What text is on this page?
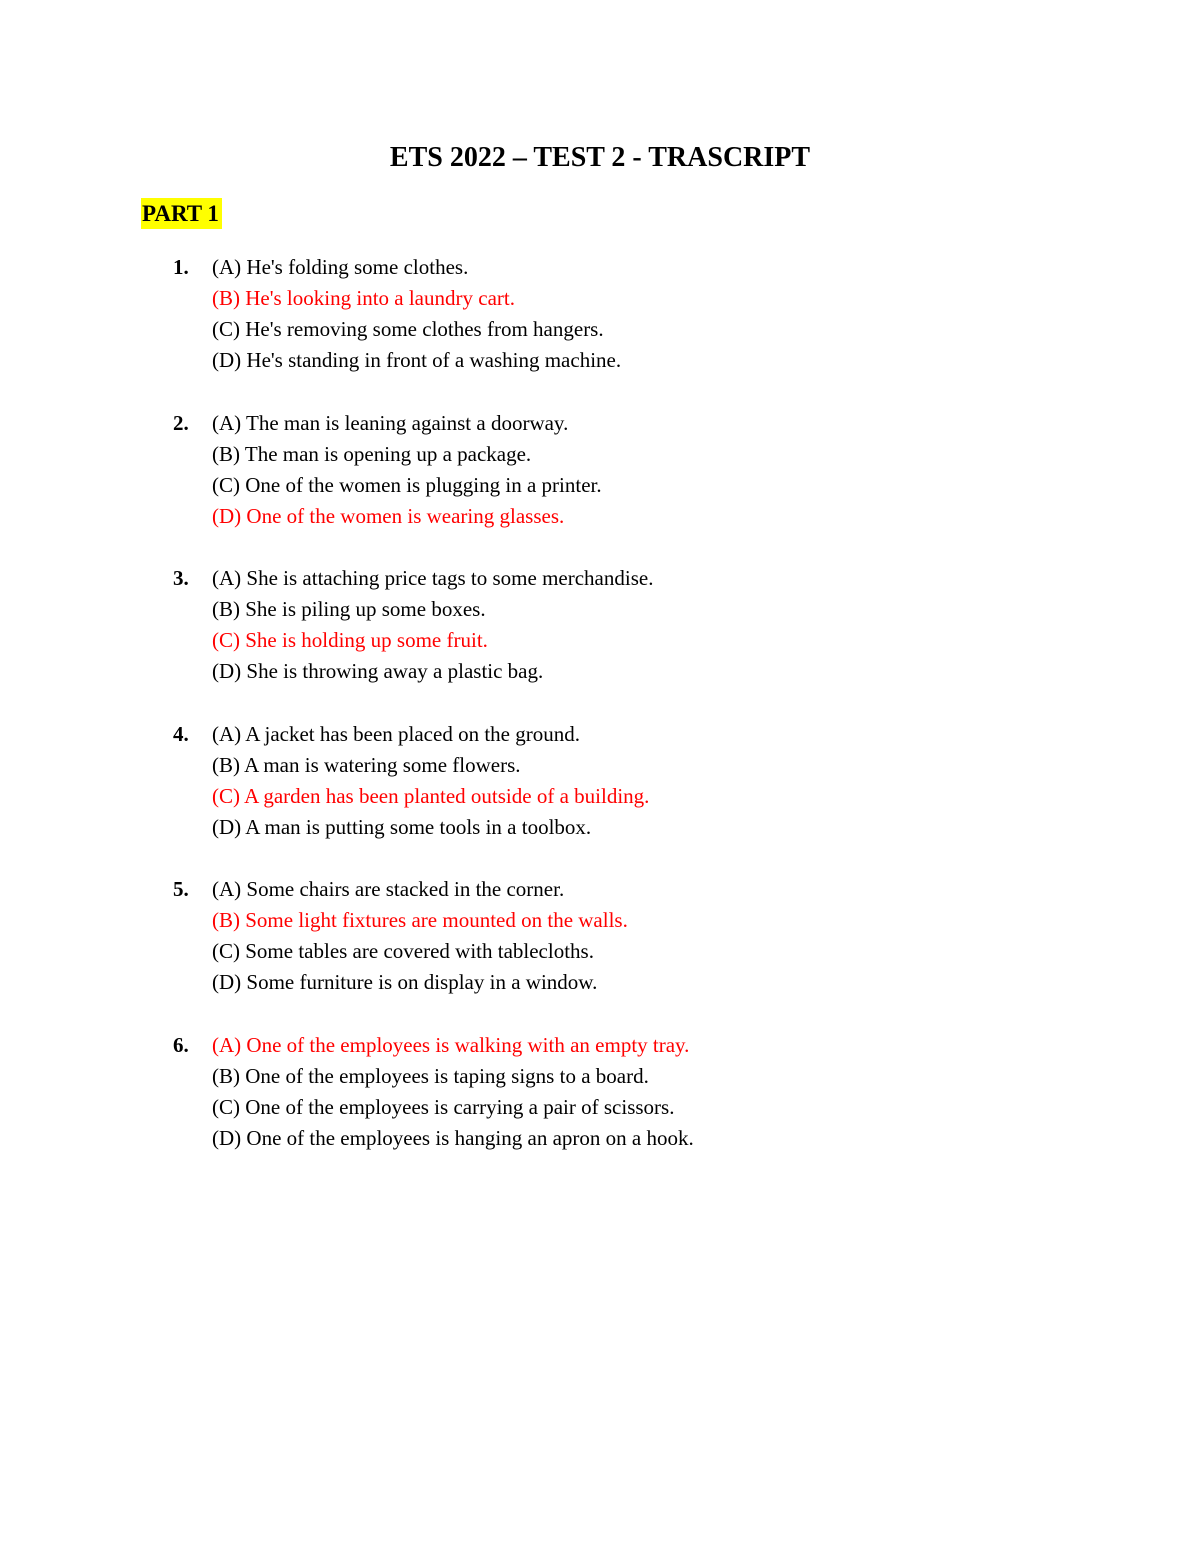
ETS 2022 – TEST 2 - TRASCRIPT
PART 1
1. (A) He's folding some clothes.
(B) He's looking into a laundry cart.
(C) He's removing some clothes from hangers.
(D) He's standing in front of a washing machine.
2. (A) The man is leaning against a doorway.
(B) The man is opening up a package.
(C) One of the women is plugging in a printer.
(D) One of the women is wearing glasses.
3. (A) She is attaching price tags to some merchandise.
(B) She is piling up some boxes.
(C) She is holding up some fruit.
(D) She is throwing away a plastic bag.
4. (A) A jacket has been placed on the ground.
(B) A man is watering some flowers.
(C) A garden has been planted outside of a building.
(D) A man is putting some tools in a toolbox.
5. (A) Some chairs are stacked in the corner.
(B) Some light fixtures are mounted on the walls.
(C) Some tables are covered with tablecloths.
(D) Some furniture is on display in a window.
6. (A) One of the employees is walking with an empty tray.
(B) One of the employees is taping signs to a board.
(C) One of the employees is carrying a pair of scissors.
(D) One of the employees is hanging an apron on a hook.
